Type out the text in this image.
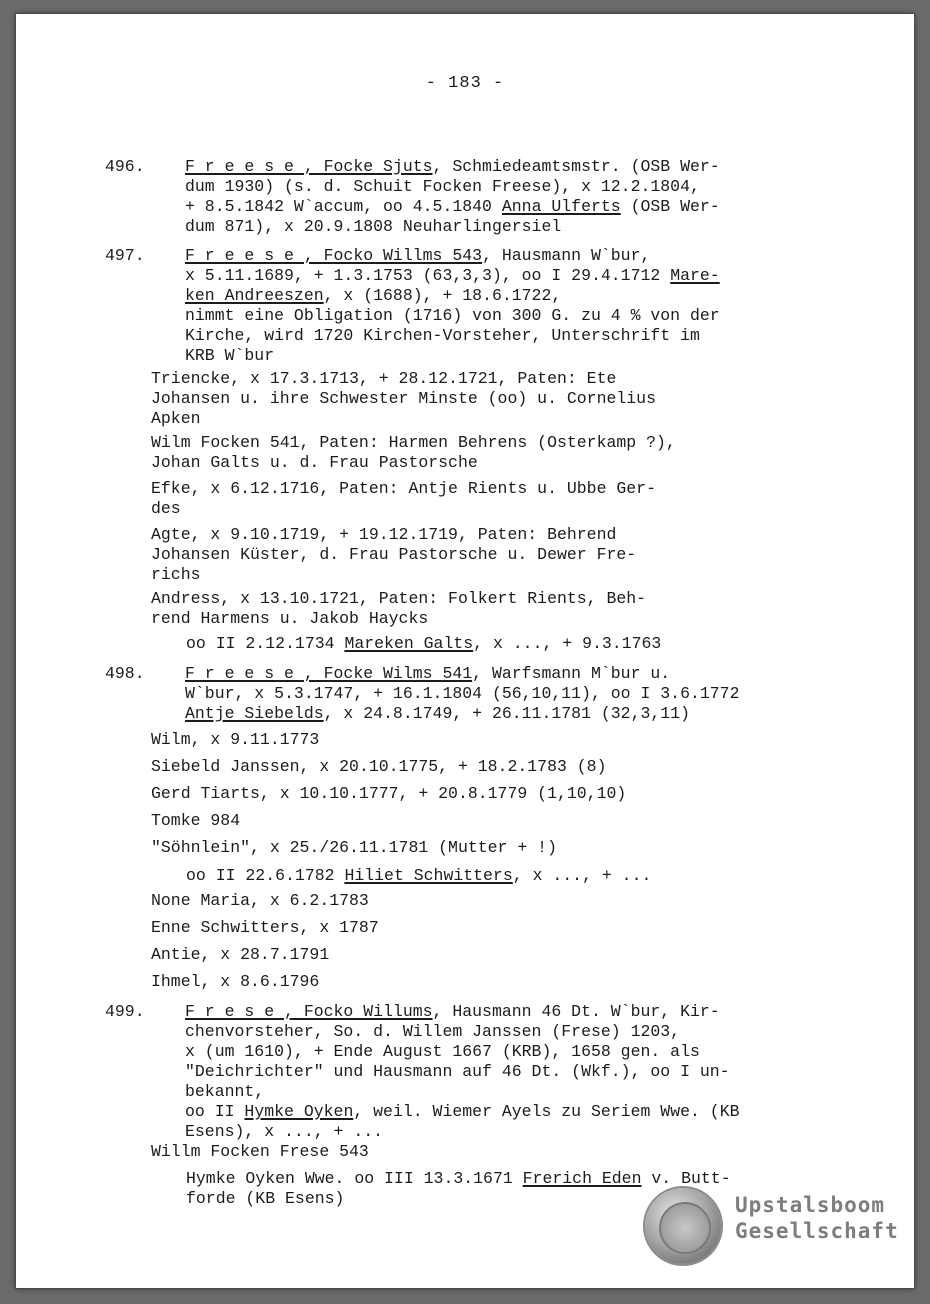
- 183 -
496. F r e e s e , Focke Sjuts, Schmiedeamtsmstr. (OSB Wer-
dum 1930) (s. d. Schuit Focken Freese), x 12.2.1804,
+ 8.5.1842 W`accum, oo 4.5.1840 Anna Ulferts (OSB Wer-
dum 871), x 20.9.1808 Neuharlingersiel
497. F r e e s e , Focko Willms 543, Hausmann W`bur,
x 5.11.1689, + 1.3.1753 (63,3,3), oo I 29.4.1712 Mare-
ken Andreeszen, x (1688), + 18.6.1722,
nimmt eine Obligation (1716) von 300 G. zu 4 % von der
Kirche, wird 1720 Kirchen-Vorsteher, Unterschrift im
KRB W`bur
Triencke, x 17.3.1713, + 28.12.1721, Paten: Ete
Johansen u. ihre Schwester Minste (oo) u. Cornelius
Apken
Wilm Focken 541, Paten: Harmen Behrens (Osterkamp ?),
Johan Galts u. d. Frau Pastorsche
Efke, x 6.12.1716, Paten: Antje Rients u. Ubbe Ger-
des
Agte, x 9.10.1719, + 19.12.1719, Paten: Behrend
Johansen Küster, d. Frau Pastorsche u. Dewer Fre-
richs
Andress, x 13.10.1721, Paten: Folkert Rients, Beh-
rend Harmens u. Jakob Haycks
oo II 2.12.1734 Mareken Galts, x ..., + 9.3.1763
498. F r e e s e , Focke Wilms 541, Warfsmann M`bur u.
W`bur, x 5.3.1747, + 16.1.1804 (56,10,11), oo I 3.6.1772
Antje Siebelds, x 24.8.1749, + 26.11.1781 (32,3,11)
Wilm, x 9.11.1773
Siebeld Janssen, x 20.10.1775, + 18.2.1783 (8)
Gerd Tiarts, x 10.10.1777, + 20.8.1779 (1,10,10)
Tomke 984
"Söhnlein", x 25./26.11.1781 (Mutter + !)
oo II 22.6.1782 Hiliet Schwitters, x ..., + ...
None Maria, x 6.2.1783
Enne Schwitters, x 1787
Antie, x 28.7.1791
Ihmel, x 8.6.1796
499. F r e s e , Focko Willums, Hausmann 46 Dt. W`bur, Kir-
chenvorsteher, So. d. Willem Janssen (Frese) 1203,
x (um 1610), + Ende August 1667 (KRB), 1658 gen. als
"Deichrichter" und Hausmann auf 46 Dt. (Wkf.), oo I un-
bekannt,
oo II Hymke Oyken, weil. Wiemer Ayels zu Seriem Wwe. (KB
Esens), x ..., + ...
Willm Focken Frese 543
Hymke Oyken Wwe. oo III 13.3.1671 Frerich Eden v. Butt-
forde (KB Esens)	Upstalsboom
Gesellschaft
